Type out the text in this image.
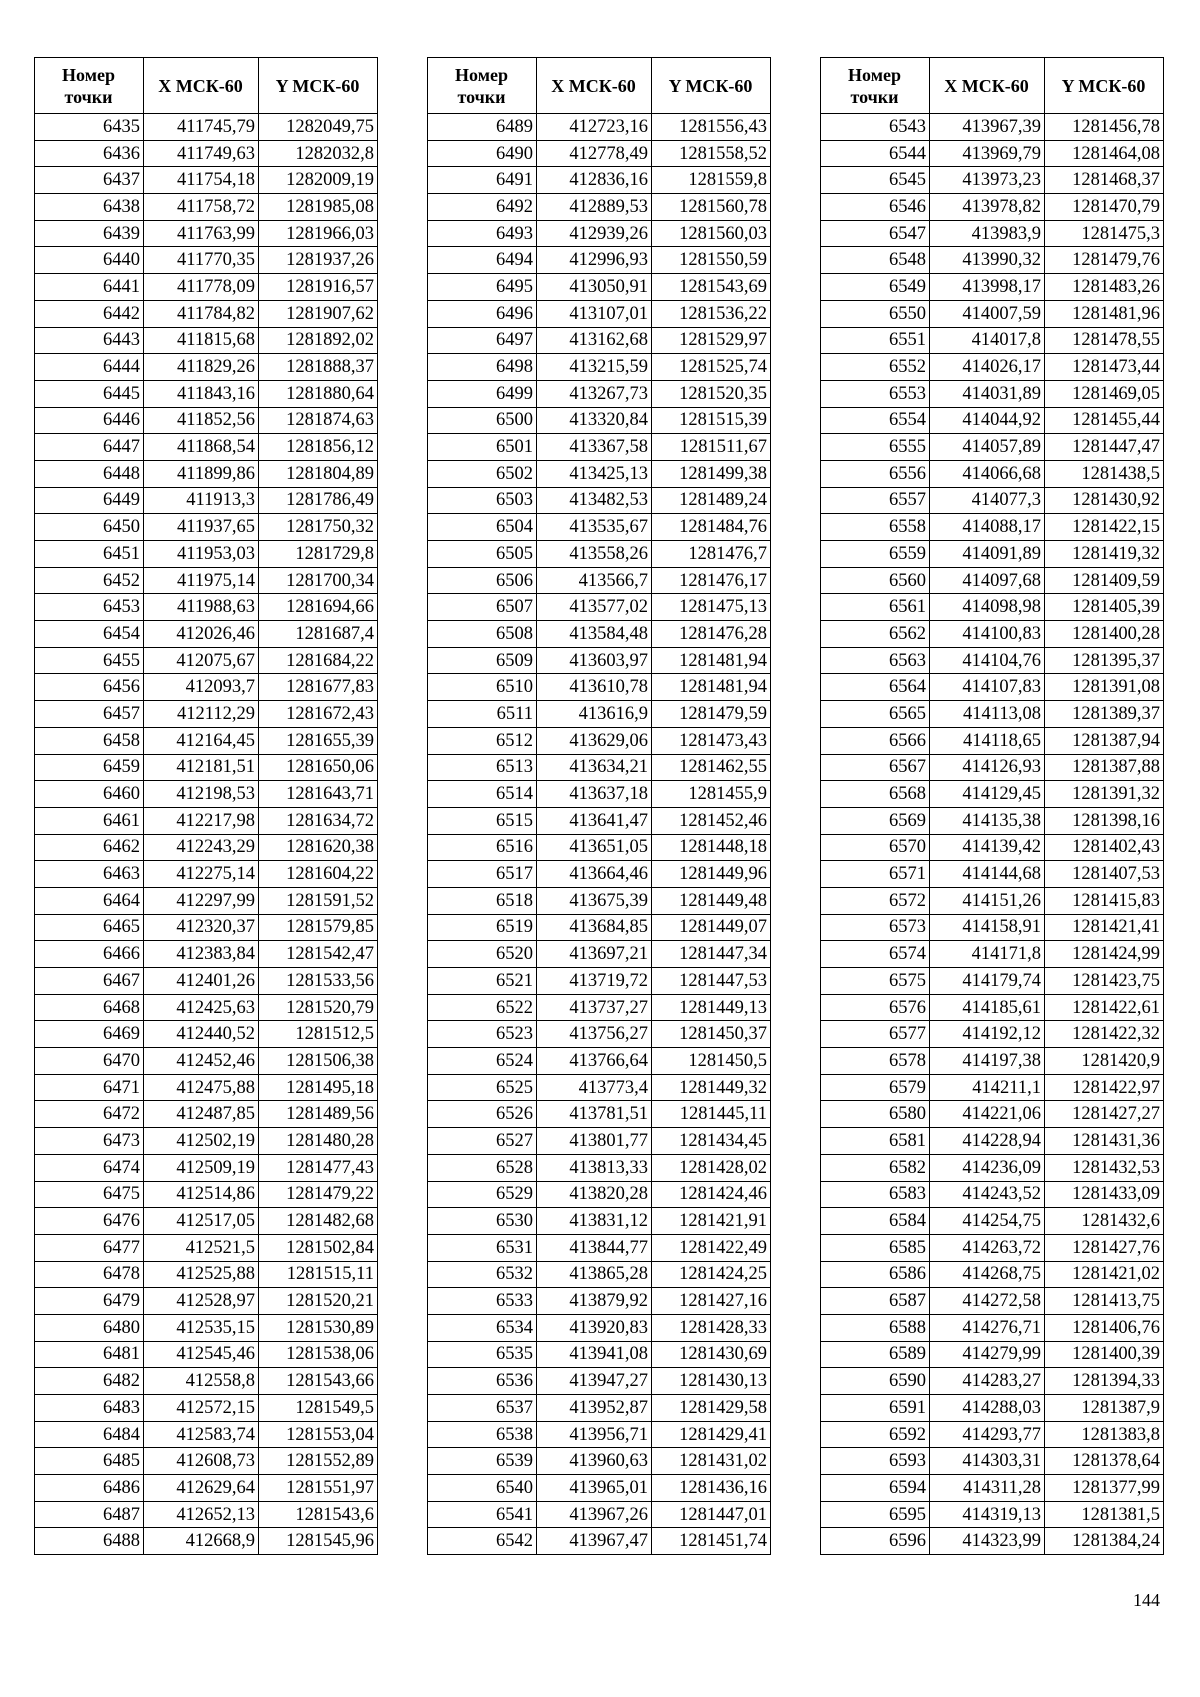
Номер точки	X МСК-60	Y МСК-60
6435	411745,79	1282049,75
6436	411749,63	1282032,8
6437	411754,18	1282009,19
6438	411758,72	1281985,08
6439	411763,99	1281966,03
6440	411770,35	1281937,26
6441	411778,09	1281916,57
6442	411784,82	1281907,62
6443	411815,68	1281892,02
6444	411829,26	1281888,37
6445	411843,16	1281880,64
6446	411852,56	1281874,63
6447	411868,54	1281856,12
6448	411899,86	1281804,89
6449	411913,3	1281786,49
6450	411937,65	1281750,32
6451	411953,03	1281729,8
6452	411975,14	1281700,34
6453	411988,63	1281694,66
6454	412026,46	1281687,4
6455	412075,67	1281684,22
6456	412093,7	1281677,83
6457	412112,29	1281672,43
6458	412164,45	1281655,39
6459	412181,51	1281650,06
6460	412198,53	1281643,71
6461	412217,98	1281634,72
6462	412243,29	1281620,38
6463	412275,14	1281604,22
6464	412297,99	1281591,52
6465	412320,37	1281579,85
6466	412383,84	1281542,47
6467	412401,26	1281533,56
6468	412425,63	1281520,79
6469	412440,52	1281512,5
6470	412452,46	1281506,38
6471	412475,88	1281495,18
6472	412487,85	1281489,56
6473	412502,19	1281480,28
6474	412509,19	1281477,43
6475	412514,86	1281479,22
6476	412517,05	1281482,68
6477	412521,5	1281502,84
6478	412525,88	1281515,11
6479	412528,97	1281520,21
6480	412535,15	1281530,89
6481	412545,46	1281538,06
6482	412558,8	1281543,66
6483	412572,15	1281549,5
6484	412583,74	1281553,04
6485	412608,73	1281552,89
6486	412629,64	1281551,97
6487	412652,13	1281543,6
6488	412668,9	1281545,96
Номер точки	X МСК-60	Y МСК-60
6489	412723,16	1281556,43
6490	412778,49	1281558,52
6491	412836,16	1281559,8
6492	412889,53	1281560,78
6493	412939,26	1281560,03
6494	412996,93	1281550,59
6495	413050,91	1281543,69
6496	413107,01	1281536,22
6497	413162,68	1281529,97
6498	413215,59	1281525,74
6499	413267,73	1281520,35
6500	413320,84	1281515,39
6501	413367,58	1281511,67
6502	413425,13	1281499,38
6503	413482,53	1281489,24
6504	413535,67	1281484,76
6505	413558,26	1281476,7
6506	413566,7	1281476,17
6507	413577,02	1281475,13
6508	413584,48	1281476,28
6509	413603,97	1281481,94
6510	413610,78	1281481,94
6511	413616,9	1281479,59
6512	413629,06	1281473,43
6513	413634,21	1281462,55
6514	413637,18	1281455,9
6515	413641,47	1281452,46
6516	413651,05	1281448,18
6517	413664,46	1281449,96
6518	413675,39	1281449,48
6519	413684,85	1281449,07
6520	413697,21	1281447,34
6521	413719,72	1281447,53
6522	413737,27	1281449,13
6523	413756,27	1281450,37
6524	413766,64	1281450,5
6525	413773,4	1281449,32
6526	413781,51	1281445,11
6527	413801,77	1281434,45
6528	413813,33	1281428,02
6529	413820,28	1281424,46
6530	413831,12	1281421,91
6531	413844,77	1281422,49
6532	413865,28	1281424,25
6533	413879,92	1281427,16
6534	413920,83	1281428,33
6535	413941,08	1281430,69
6536	413947,27	1281430,13
6537	413952,87	1281429,58
6538	413956,71	1281429,41
6539	413960,63	1281431,02
6540	413965,01	1281436,16
6541	413967,26	1281447,01
6542	413967,47	1281451,74
Номер точки	X МСК-60	Y МСК-60
6543	413967,39	1281456,78
6544	413969,79	1281464,08
6545	413973,23	1281468,37
6546	413978,82	1281470,79
6547	413983,9	1281475,3
6548	413990,32	1281479,76
6549	413998,17	1281483,26
6550	414007,59	1281481,96
6551	414017,8	1281478,55
6552	414026,17	1281473,44
6553	414031,89	1281469,05
6554	414044,92	1281455,44
6555	414057,89	1281447,47
6556	414066,68	1281438,5
6557	414077,3	1281430,92
6558	414088,17	1281422,15
6559	414091,89	1281419,32
6560	414097,68	1281409,59
6561	414098,98	1281405,39
6562	414100,83	1281400,28
6563	414104,76	1281395,37
6564	414107,83	1281391,08
6565	414113,08	1281389,37
6566	414118,65	1281387,94
6567	414126,93	1281387,88
6568	414129,45	1281391,32
6569	414135,38	1281398,16
6570	414139,42	1281402,43
6571	414144,68	1281407,53
6572	414151,26	1281415,83
6573	414158,91	1281421,41
6574	414171,8	1281424,99
6575	414179,74	1281423,75
6576	414185,61	1281422,61
6577	414192,12	1281422,32
6578	414197,38	1281420,9
6579	414211,1	1281422,97
6580	414221,06	1281427,27
6581	414228,94	1281431,36
6582	414236,09	1281432,53
6583	414243,52	1281433,09
6584	414254,75	1281432,6
6585	414263,72	1281427,76
6586	414268,75	1281421,02
6587	414272,58	1281413,75
6588	414276,71	1281406,76
6589	414279,99	1281400,39
6590	414283,27	1281394,33
6591	414288,03	1281387,9
6592	414293,77	1281383,8
6593	414303,31	1281378,64
6594	414311,28	1281377,99
6595	414319,13	1281381,5
6596	414323,99	1281384,24
144
